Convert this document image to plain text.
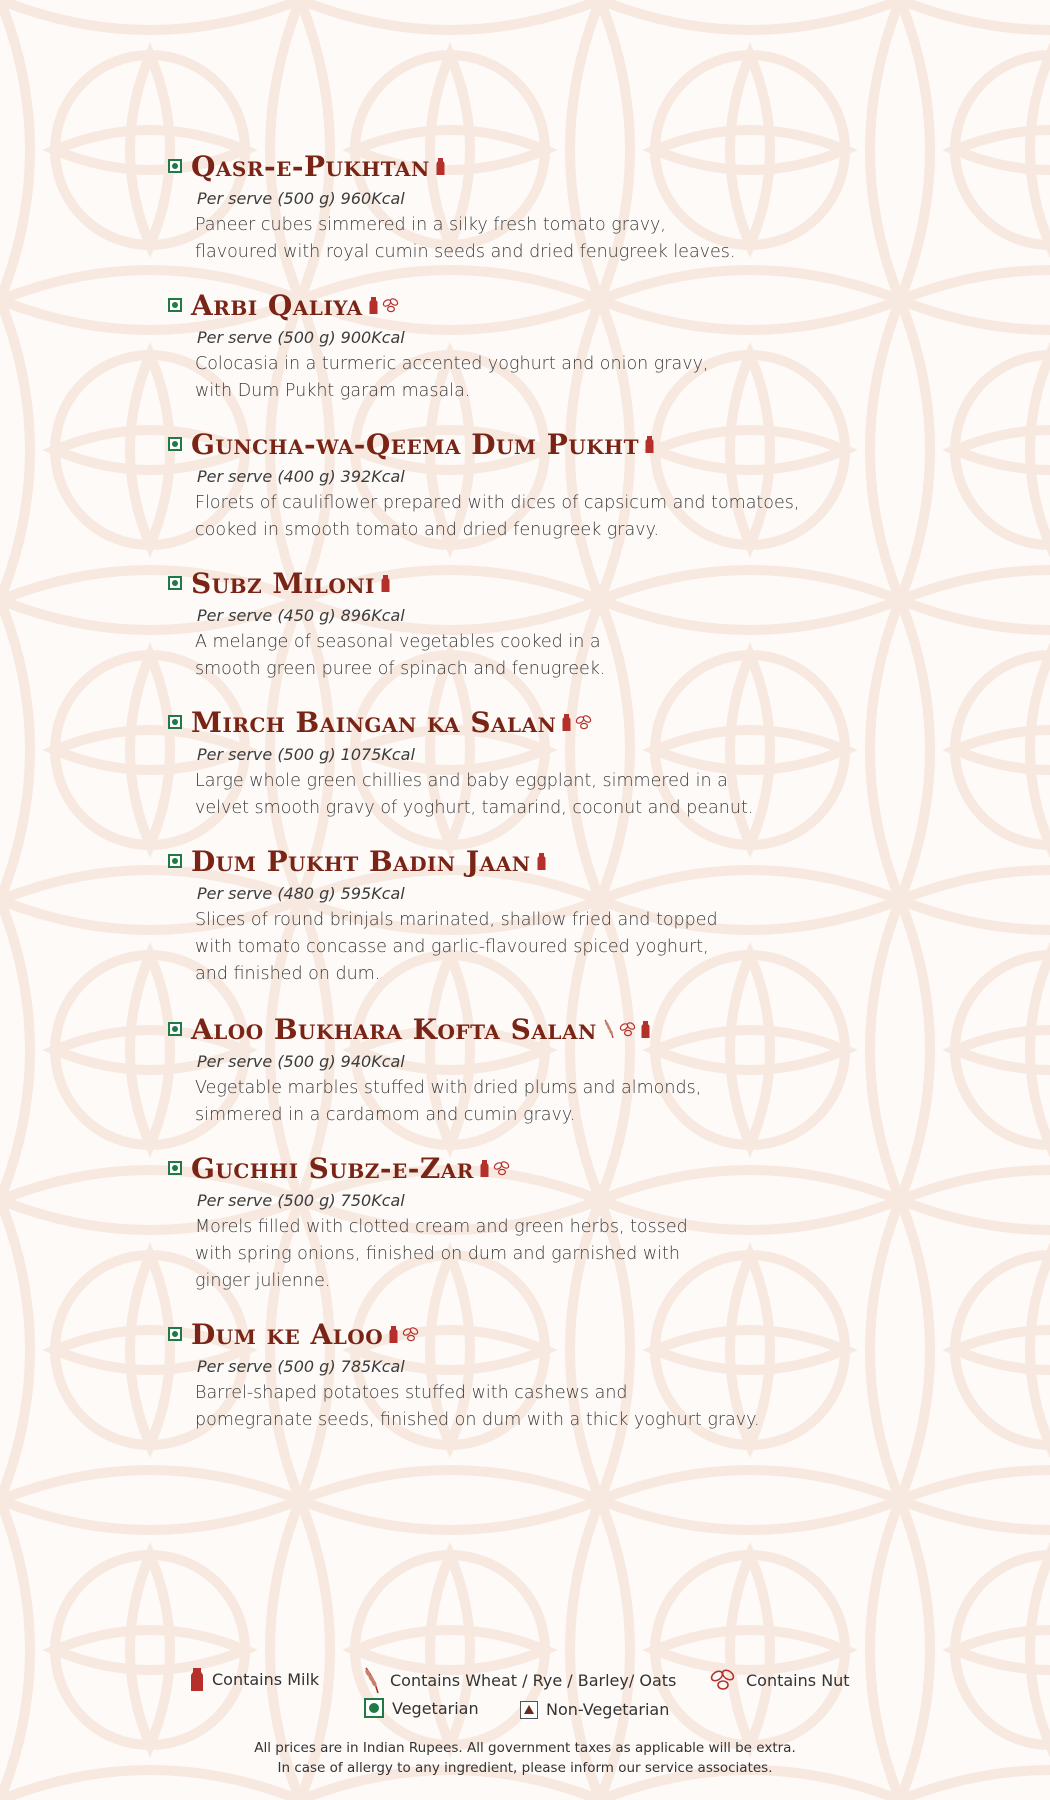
Qasr-e-Pukhtan
Per serve (500 g) 960Kcal
Paneer cubes simmered in a silky fresh tomato gravy,
flavoured with royal cumin seeds and dried fenugreek leaves.
Arbi Qaliya
Per serve (500 g) 900Kcal
Colocasia in a turmeric accented yoghurt and onion gravy,
with Dum Pukht garam masala.
Guncha-wa-Qeema Dum Pukht
Per serve (400 g) 392Kcal
Florets of cauliflower prepared with dices of capsicum and tomatoes,
cooked in smooth tomato and dried fenugreek gravy.
Subz Miloni
Per serve (450 g) 896Kcal
A melange of seasonal vegetables cooked in a
smooth green puree of spinach and fenugreek.
Mirch Baingan ka Salan
Per serve (500 g) 1075Kcal
Large whole green chillies and baby eggplant, simmered in a
velvet smooth gravy of yoghurt, tamarind, coconut and peanut.
Dum Pukht Badin Jaan
Per serve (480 g) 595Kcal
Slices of round brinjals marinated, shallow fried and topped
with tomato concasse and garlic-flavoured spiced yoghurt,
and finished on dum.
Aloo Bukhara Kofta Salan
Per serve (500 g) 940Kcal
Vegetable marbles stuffed with dried plums and almonds,
simmered in a cardamom and cumin gravy.
Guchhi Subz-e-Zar
Per serve (500 g) 750Kcal
Morels filled with clotted cream and green herbs, tossed
with spring onions, finished on dum and garnished with
ginger julienne.
Dum ke Aloo
Per serve (500 g) 785Kcal
Barrel-shaped potatoes stuffed with cashews and
pomegranate seeds, finished on dum with a thick yoghurt gravy.
Contains Milk	Contains Wheat / Rye / Barley/ Oats	Contains Nut
Vegetarian	Non-Vegetarian
All prices are in Indian Rupees. All government taxes as applicable will be extra.
In case of allergy to any ingredient, please inform our service associates.
